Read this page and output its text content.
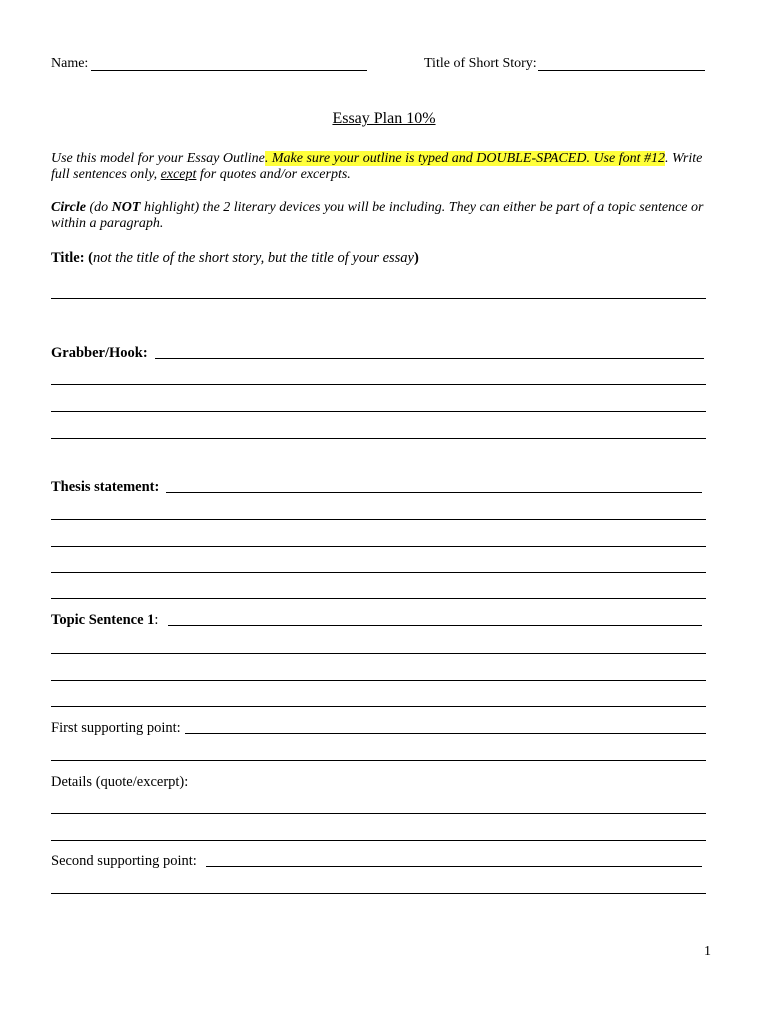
Name:	Title of Short Story:
Essay Plan 10%
Use this model for your Essay Outline. Make sure your outline is typed and DOUBLE-SPACED. Use font #12. Write full sentences only, except for quotes and/or excerpts.
Circle (do NOT highlight) the 2 literary devices you will be including. They can either be part of a topic sentence or within a paragraph.
Title: (not the title of the short story, but the title of your essay)
Grabber/Hook:
Thesis statement:
Topic Sentence 1:
First supporting point:
Details (quote/excerpt):
Second supporting point:
1
